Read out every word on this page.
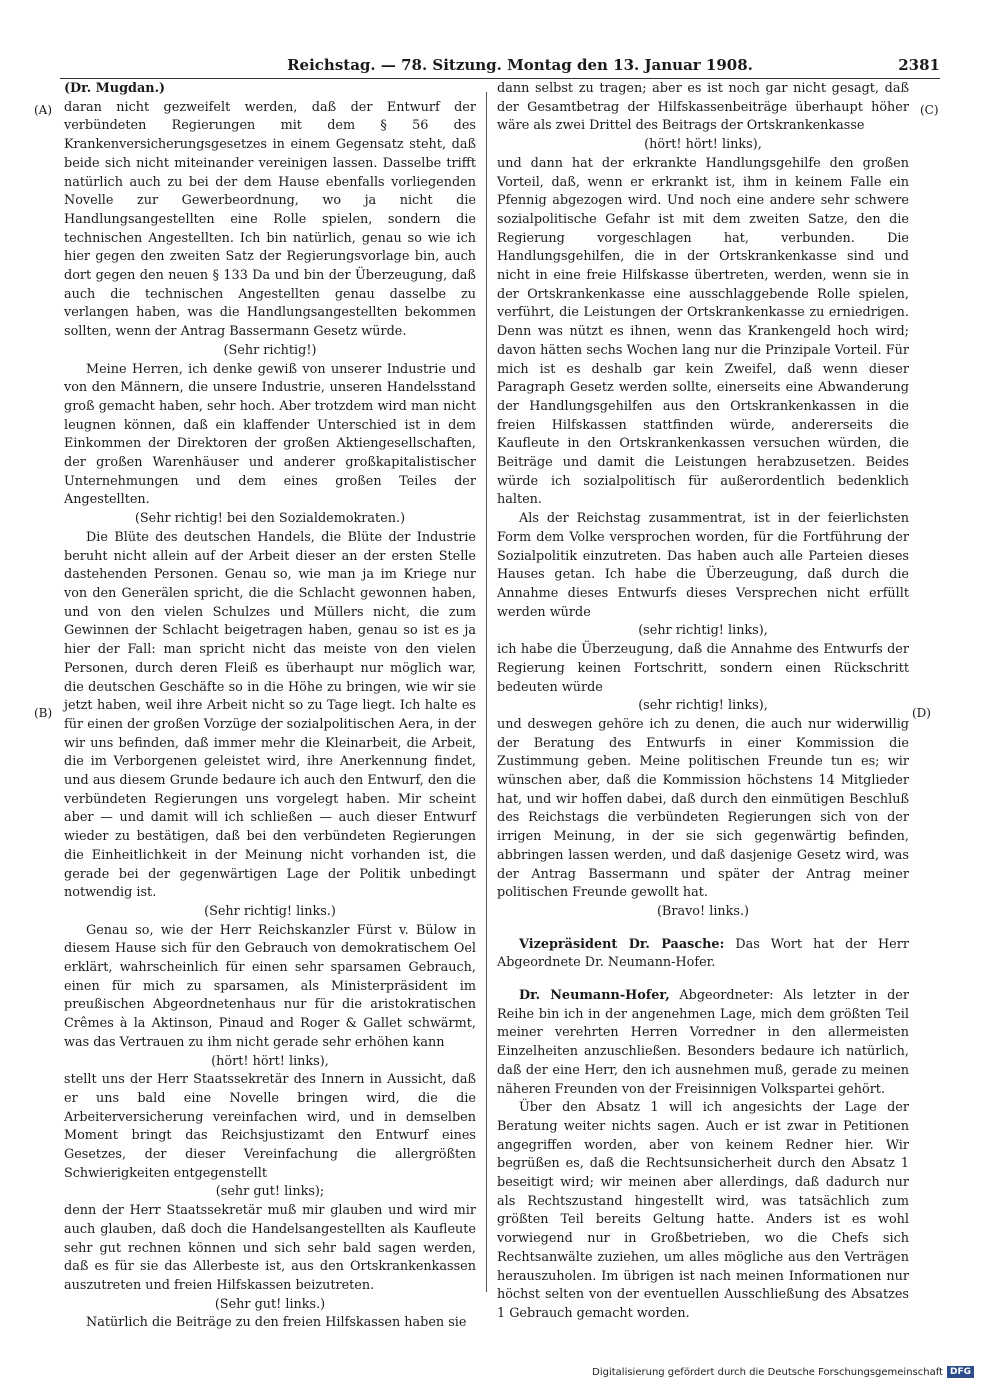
Reichstag. — 78. Sitzung. Montag den 13. Januar 1908.	2381
(A)
(B)
(C)
(D)

(Dr. Mugdan.)

daran nicht gezweifelt werden, daß der Entwurf der verbündeten Regierungen mit dem § 56 des Krankenversicherungsgesetzes in einem Gegensatz steht, daß beide sich nicht miteinander vereinigen lassen. Dasselbe trifft natürlich auch zu bei der dem Hause ebenfalls vorliegenden Novelle zur Gewerbeordnung, wo ja nicht die Handlungsangestellten eine Rolle spielen, sondern die technischen Angestellten. Ich bin natürlich, genau so wie ich hier gegen den zweiten Satz der Regierungsvorlage bin, auch dort gegen den neuen § 133 Da und bin der Überzeugung, daß auch die technischen Angestellten genau dasselbe zu verlangen haben, was die Handlungsangestellten bekommen sollten, wenn der Antrag Bassermann Gesetz würde.

(Sehr richtig!)

Meine Herren, ich denke gewiß von unserer Industrie und von den Männern, die unsere Industrie, unseren Handelsstand groß gemacht haben, sehr hoch. Aber trotzdem wird man nicht leugnen können, daß ein klaffender Unterschied ist in dem Einkommen der Direktoren der großen Aktiengesellschaften, der großen Warenhäuser und anderer großkapitalistischer Unternehmungen und dem eines großen Teiles der Angestellten.

(Sehr richtig! bei den Sozialdemokraten.)

Die Blüte des deutschen Handels, die Blüte der Industrie beruht nicht allein auf der Arbeit dieser an der ersten Stelle dastehenden Personen. Genau so, wie man ja im Kriege nur von den Generälen spricht, die die Schlacht gewonnen haben, und von den vielen Schulzes und Müllers nicht, die zum Gewinnen der Schlacht beigetragen haben, genau so ist es ja hier der Fall: man spricht nicht das meiste von den vielen Personen, durch deren Fleiß es überhaupt nur möglich war, die deutschen Geschäfte so in die Höhe zu bringen, wie wir sie jetzt haben, weil ihre Arbeit nicht so zu Tage liegt. Ich halte es für einen der großen Vorzüge der sozialpolitischen Aera, in der wir uns befinden, daß immer mehr die Kleinarbeit, die Arbeit, die im Verborgenen geleistet wird, ihre Anerkennung findet, und aus diesem Grunde bedaure ich auch den Entwurf, den die verbündeten Regierungen uns vorgelegt haben. Mir scheint aber — und damit will ich schließen — auch dieser Entwurf wieder zu bestätigen, daß bei den verbündeten Regierungen die Einheitlichkeit in der Meinung nicht vorhanden ist, die gerade bei der gegenwärtigen Lage der Politik unbedingt notwendig ist.

(Sehr richtig! links.)

Genau so, wie der Herr Reichskanzler Fürst v. Bülow in diesem Hause sich für den Gebrauch von demokratischem Oel erklärt, wahrscheinlich für einen sehr sparsamen Gebrauch, einen für mich zu sparsamen, als Ministerpräsident im preußischen Abgeordnetenhaus nur für die aristokratischen Crêmes à la Aktinson, Pinaud and Roger & Gallet schwärmt, was das Vertrauen zu ihm nicht gerade sehr erhöhen kann

(hört! hört! links),

stellt uns der Herr Staatssekretär des Innern in Aussicht, daß er uns bald eine Novelle bringen wird, die die Arbeiterversicherung vereinfachen wird, und in demselben Moment bringt das Reichsjustizamt den Entwurf eines Gesetzes, der dieser Vereinfachung die allergrößten Schwierigkeiten entgegenstellt

(sehr gut! links);

denn der Herr Staatssekretär muß mir glauben und wird mir auch glauben, daß doch die Handelsangestellten als Kaufleute sehr gut rechnen können und sich sehr bald sagen werden, daß es für sie das Allerbeste ist, aus den Ortskrankenkassen auszutreten und freien Hilfskassen beizutreten.

(Sehr gut! links.)

Natürlich die Beiträge zu den freien Hilfskassen haben sie

dann selbst zu tragen; aber es ist noch gar nicht gesagt, daß der Gesamtbetrag der Hilfskassenbeiträge überhaupt höher wäre als zwei Drittel des Beitrags der Ortskrankenkasse

(hört! hört! links),

und dann hat der erkrankte Handlungsgehilfe den großen Vorteil, daß, wenn er erkrankt ist, ihm in keinem Falle ein Pfennig abgezogen wird. Und noch eine andere sehr schwere sozialpolitische Gefahr ist mit dem zweiten Satze, den die Regierung vorgeschlagen hat, verbunden. Die Handlungsgehilfen, die in der Ortskrankenkasse sind und nicht in eine freie Hilfskasse übertreten, werden, wenn sie in der Ortskrankenkasse eine ausschlaggebende Rolle spielen, verführt, die Leistungen der Ortskrankenkasse zu erniedrigen. Denn was nützt es ihnen, wenn das Krankengeld hoch wird; davon hätten sechs Wochen lang nur die Prinzipale Vorteil. Für mich ist es deshalb gar kein Zweifel, daß wenn dieser Paragraph Gesetz werden sollte, einerseits eine Abwanderung der Handlungsgehilfen aus den Ortskrankenkassen in die freien Hilfskassen stattfinden würde, andererseits die Kaufleute in den Ortskrankenkassen versuchen würden, die Beiträge und damit die Leistungen herabzusetzen. Beides würde ich sozialpolitisch für außerordentlich bedenklich halten.

Als der Reichstag zusammentrat, ist in der feierlichsten Form dem Volke versprochen worden, für die Fortführung der Sozialpolitik einzutreten. Das haben auch alle Parteien dieses Hauses getan. Ich habe die Überzeugung, daß durch die Annahme dieses Entwurfs dieses Versprechen nicht erfüllt werden würde

(sehr richtig! links),

ich habe die Überzeugung, daß die Annahme des Entwurfs der Regierung keinen Fortschritt, sondern einen Rückschritt bedeuten würde

(sehr richtig! links),

und deswegen gehöre ich zu denen, die auch nur widerwillig der Beratung des Entwurfs in einer Kommission die Zustimmung geben. Meine politischen Freunde tun es; wir wünschen aber, daß die Kommission höchstens 14 Mitglieder hat, und wir hoffen dabei, daß durch den einmütigen Beschluß des Reichstags die verbündeten Regierungen sich von der irrigen Meinung, in der sie sich gegenwärtig befinden, abbringen lassen werden, und daß dasjenige Gesetz wird, was der Antrag Bassermann und später der Antrag meiner politischen Freunde gewollt hat.

(Bravo! links.)

Vizepräsident Dr. Paasche: Das Wort hat der Herr Abgeordnete Dr. Neumann-Hofer.

Dr. Neumann-Hofer, Abgeordneter: Als letzter in der Reihe bin ich in der angenehmen Lage, mich dem größten Teil meiner verehrten Herren Vorredner in den allermeisten Einzelheiten anzuschließen. Besonders bedaure ich natürlich, daß der eine Herr, den ich ausnehmen muß, gerade zu meinen näheren Freunden von der Freisinnigen Volkspartei gehört.

Über den Absatz 1 will ich angesichts der Lage der Beratung weiter nichts sagen. Auch er ist zwar in Petitionen angegriffen worden, aber von keinem Redner hier. Wir begrüßen es, daß die Rechtsunsicherheit durch den Absatz 1 beseitigt wird; wir meinen aber allerdings, daß dadurch nur als Rechtszustand hingestellt wird, was tatsächlich zum größten Teil bereits Geltung hatte. Anders ist es wohl vorwiegend nur in Großbetrieben, wo die Chefs sich Rechtsanwälte zuziehen, um alles mögliche aus den Verträgen herauszuholen. Im übrigen ist nach meinen Informationen nur höchst selten von der eventuellen Ausschließung des Absatzes 1 Gebrauch gemacht worden.

Digitalisierung gefördert durch die Deutsche Forschungsgemeinschaft DFG
